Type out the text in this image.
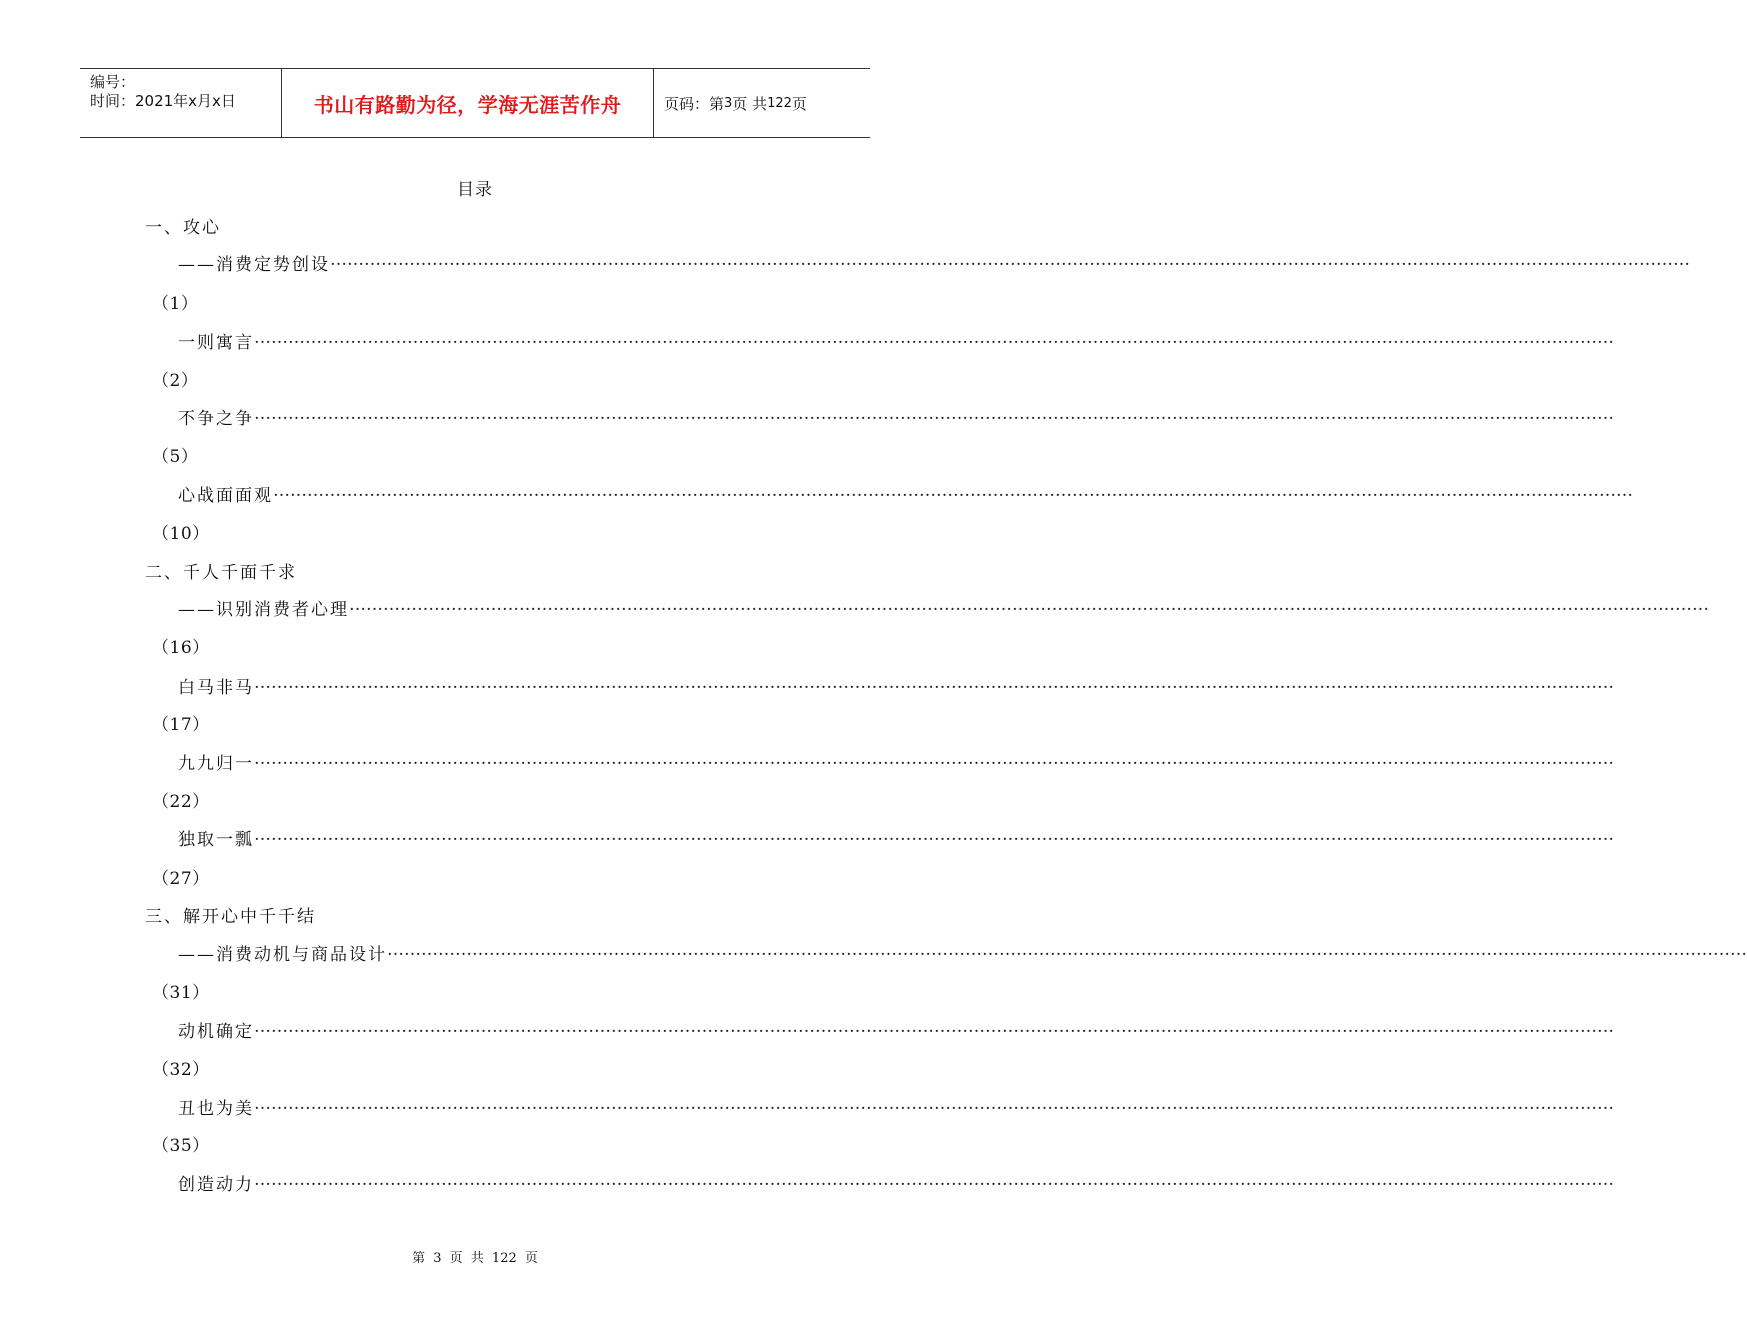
编号：
时间：2021年x月x日	书山有路勤为径，学海无涯苦作舟	页码：第 3 页 共 122 页
目录
一、攻心
——消费定势创设 ……………………………………………………………………………………………………………………………………………………………………………………………………………………
（1）
一则寓言 ……………………………………………………………………………………………………………………………………………………………………………………………………………………
（2）
不争之争 ……………………………………………………………………………………………………………………………………………………………………………………………………………………
（5）
心战面面观 ……………………………………………………………………………………………………………………………………………………………………………………………………………………
（10）
二、千人千面千求
——识别消费者心理 ……………………………………………………………………………………………………………………………………………………………………………………………………………………
（16）
白马非马 ……………………………………………………………………………………………………………………………………………………………………………………………………………………
（17）
九九归一 ……………………………………………………………………………………………………………………………………………………………………………………………………………………
（22）
独取一瓢 ……………………………………………………………………………………………………………………………………………………………………………………………………………………
（27）
三、解开心中千千结
——消费动机与商品设计 ……………………………………………………………………………………………………………………………………………………………………………………………………………………
（31）
动机确定 ……………………………………………………………………………………………………………………………………………………………………………………………………………………
（32）
丑也为美 ……………………………………………………………………………………………………………………………………………………………………………………………………………………
（35）
创造动力 ……………………………………………………………………………………………………………………………………………………………………………………………………………………
第 3 页 共 122 页
